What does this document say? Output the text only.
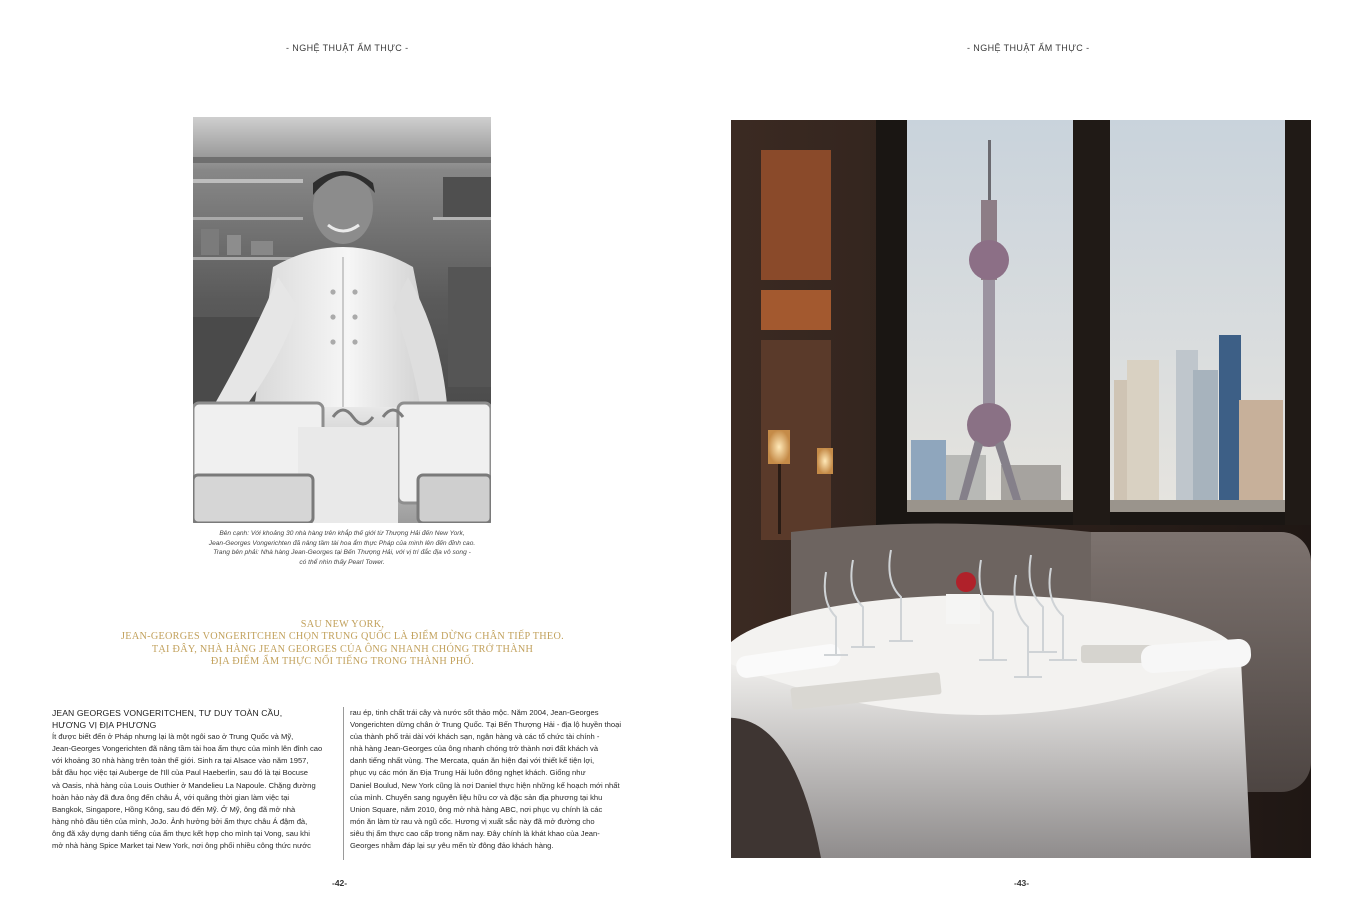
- NGHỆ THUẬT ẨM THỰC -
Bên cạnh: Với khoảng 30 nhà hàng trên khắp thế giới từ Thượng Hải đến New York,
Jean-Georges Vongerichten đã nâng tầm tài hoa ẩm thực Pháp của mình lên đến đỉnh cao.
Trang bên phải: Nhà hàng Jean-Georges tại Bến Thượng Hải, với vị trí đắc địa vô song -
có thể nhìn thấy Pearl Tower.
SAU NEW YORK,
JEAN-GEORGES VONGERITCHEN CHỌN TRUNG QUỐC LÀ ĐIỂM DỪNG CHÂN TIẾP THEO.
TẠI ĐÂY, NHÀ HÀNG JEAN GEORGES CỦA ÔNG NHANH CHÓNG TRỞ THÀNH
ĐỊA ĐIỂM ẨM THỰC NỔI TIẾNG TRONG THÀNH PHỐ.
JEAN GEORGES VONGERITCHEN, TƯ DUY TOÀN CẦU,
HƯƠNG VỊ ĐỊA PHƯƠNG

Ít được biết đến ở Pháp nhưng lại là một ngôi sao ở Trung Quốc và Mỹ,
Jean-Georges Vongerichten đã nâng tầm tài hoa ẩm thực của mình lên đỉnh cao
với khoảng 30 nhà hàng trên toàn thế giới. Sinh ra tại Alsace vào năm 1957,
bắt đầu học việc tại Auberge de l'Ill của Paul Haeberlin, sau đó là tại Bocuse
và Oasis, nhà hàng của Louis Outhier ở Mandelieu La Napoule. Chặng đường
hoàn hảo này đã đưa ông đến châu Á, với quãng thời gian làm việc tại
Bangkok, Singapore, Hồng Kông, sau đó đến Mỹ. Ở Mỹ, ông đã mở nhà
hàng nhỏ đầu tiên của mình, JoJo. Ảnh hưởng bởi ẩm thực châu Á đậm đà,
ông đã xây dựng danh tiếng của ẩm thực kết hợp cho mình tại Vong, sau khi
mở nhà hàng Spice Market tại New York, nơi ông phối nhiều công thức nước

rau ép, tinh chất trái cây và nước sốt thảo mộc. Năm 2004, Jean-Georges
Vongerichten dừng chân ở Trung Quốc. Tại Bến Thượng Hải - địa lộ huyền thoại
của thành phố trải dài với khách sạn, ngân hàng và các tổ chức tài chính -
nhà hàng Jean-Georges của ông nhanh chóng trở thành nơi đất khách và
danh tiếng nhất vùng. The Mercata, quán ăn hiện đại với thiết kế tiện lợi,
phục vụ các món ăn Địa Trung Hải luôn đông nghẹt khách. Giống như
Daniel Boulud, New York cũng là nơi Daniel thực hiện những kế hoạch mới nhất
của mình. Chuyển sang nguyên liệu hữu cơ và đặc sản địa phương tại khu
Union Square, năm 2010, ông mở nhà hàng ABC, nơi phục vụ chính là các
món ăn làm từ rau và ngũ cốc. Hương vị xuất sắc này đã mở đường cho
siêu thị ẩm thực cao cấp trong năm nay. Đây chính là khát khao của Jean-
Georges nhằm đáp lại sự yêu mến từ đông đảo khách hàng.

-42-
- NGHỆ THUẬT ẨM THỰC -
-43-
